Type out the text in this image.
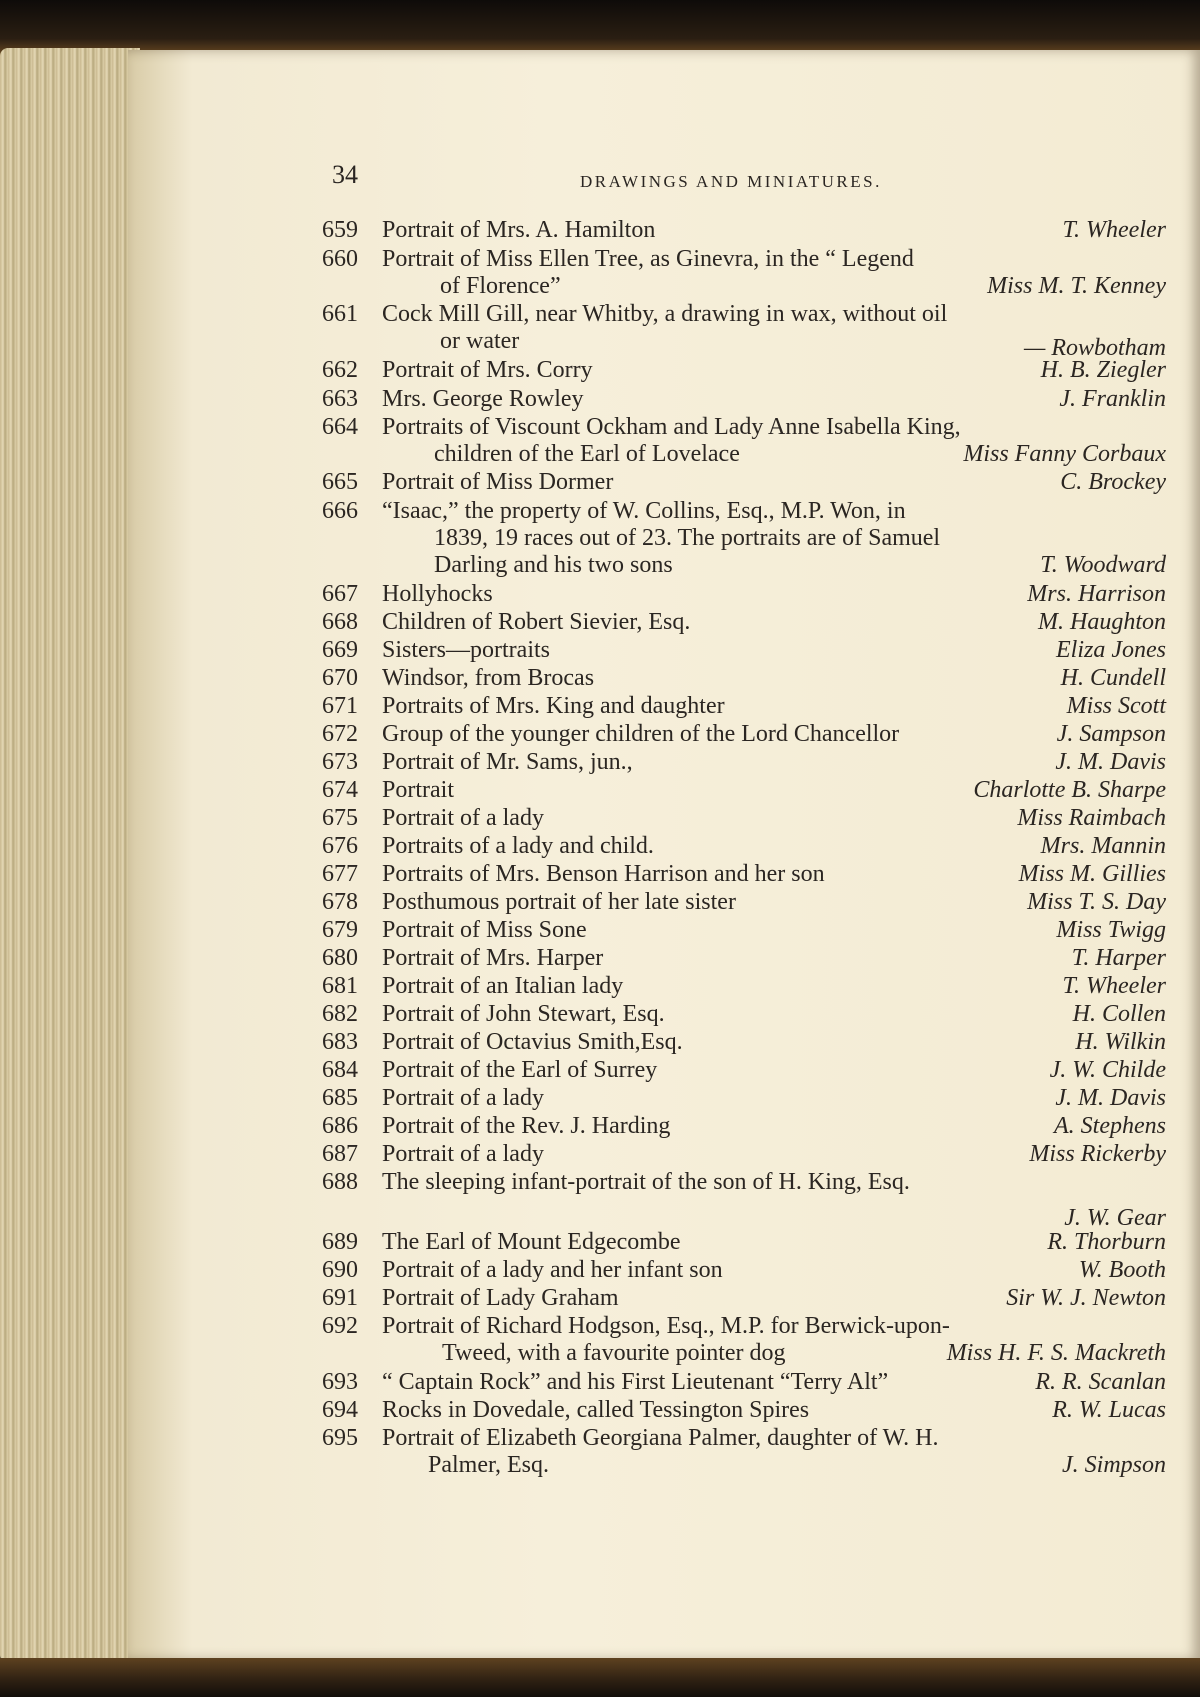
34	DRAWINGS AND MINIATURES.
659 Portrait of Mrs. A. Hamilton	T. Wheeler
660 Portrait of Miss Ellen Tree, as Ginevra, in the “ Legend
of Florence”	Miss M. T. Kenney
661 Cock Mill Gill, near Whitby, a drawing in wax, without oil
or water	— Rowbotham
662 Portrait of Mrs. Corry	H. B. Ziegler
663 Mrs. George Rowley	J. Franklin
664 Portraits of Viscount Ockham and Lady Anne Isabella King,
children of the Earl of Lovelace	Miss Fanny Corbaux
665 Portrait of Miss Dormer	C. Brockey
666 “Isaac,” the property of W. Collins, Esq., M.P. Won, in
1839, 19 races out of 23. The portraits are of Samuel
Darling and his two sons	T. Woodward
667 Hollyhocks	Mrs. Harrison
668 Children of Robert Sievier, Esq.	M. Haughton
669 Sisters—portraits	Eliza Jones
670 Windsor, from Brocas	H. Cundell
671 Portraits of Mrs. King and daughter	Miss Scott
672 Group of the younger children of the Lord Chancellor	J. Sampson
673 Portrait of Mr. Sams, jun.,	J. M. Davis
674 Portrait	Charlotte B. Sharpe
675 Portrait of a lady	Miss Raimbach
676 Portraits of a lady and child.	Mrs. Mannin
677 Portraits of Mrs. Benson Harrison and her son	Miss M. Gillies
678 Posthumous portrait of her late sister	Miss T. S. Day
679 Portrait of Miss Sone	Miss Twigg
680 Portrait of Mrs. Harper	T. Harper
681 Portrait of an Italian lady	T. Wheeler
682 Portrait of John Stewart, Esq.	H. Collen
683 Portrait of Octavius Smith,Esq.	H. Wilkin
684 Portrait of the Earl of Surrey	J. W. Childe
685 Portrait of a lady	J. M. Davis
686 Portrait of the Rev. J. Harding	A. Stephens
687 Portrait of a lady	Miss Rickerby
688 The sleeping infant-portrait of the son of H. King, Esq.
J. W. Gear
689 The Earl of Mount Edgecombe	R. Thorburn
690 Portrait of a lady and her infant son	W. Booth
691 Portrait of Lady Graham	Sir W. J. Newton
692 Portrait of Richard Hodgson, Esq., M.P. for Berwick-upon-
Tweed, with a favourite pointer dog	Miss H. F. S. Mackreth
693 “ Captain Rock” and his First Lieutenant “Terry Alt”	R. R. Scanlan
694 Rocks in Dovedale, called Tessington Spires	R. W. Lucas
695 Portrait of Elizabeth Georgiana Palmer, daughter of W. H.
Palmer, Esq.	J. Simpson
